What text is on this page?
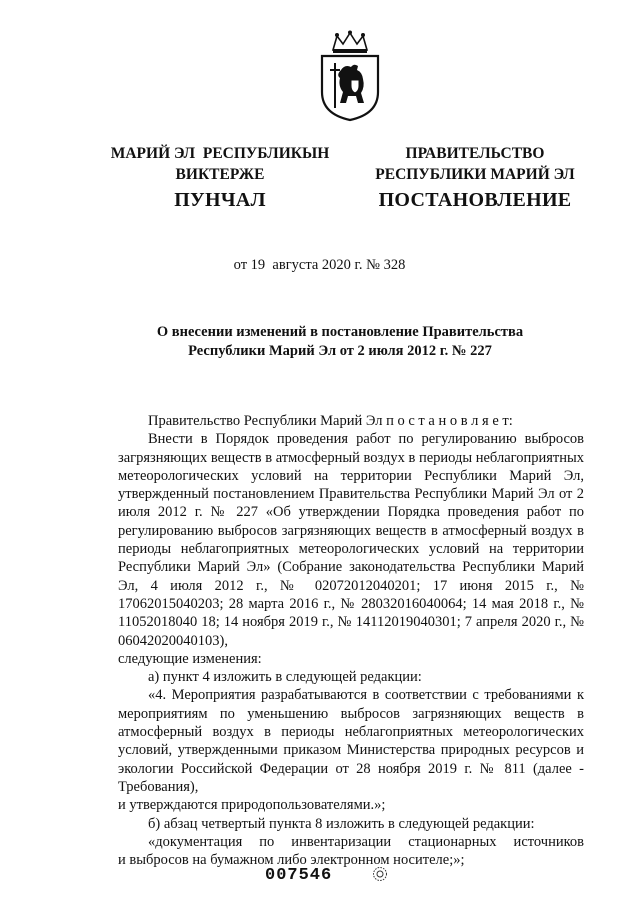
МАРИЙ ЭЛ  РЕСПУБЛИКЫН
ВИКТЕРЖЕ
ПУНЧАЛ
ПРАВИТЕЛЬСТВО
РЕСПУБЛИКИ МАРИЙ ЭЛ
ПОСТАНОВЛЕНИЕ
от 19  августа 2020 г. № 328
О внесении изменений в постановление Правительства
Республики Марий Эл от 2 июля 2012 г. № 227

Правительство Республики Марий Эл п о с т а н о в л я е т:

Внести в Порядок проведения работ по регулированию выбросов загрязняющих веществ в атмосферный воздух в периоды неблагоприятных метеорологических условий на территории Республики Марий Эл, утвержденный постановлением Правительства Республики Марий Эл от 2 июля 2012 г. № 227 «Об утверждении Порядка проведения работ по регулированию выбросов загрязняющих веществ в атмосферный воздух в периоды неблагоприятных метеорологических условий на территории Республики Марий Эл» (Собрание законодательства Республики Марий Эл, 4 июля 2012 г., № 02072012040201; 17 июня 2015 г., № 17062015040203; 28 марта 2016 г., № 28032016040064; 14 мая 2018 г., № 11052018040 18; 14 ноября 2019 г., № 14112019040301; 7 апреля 2020 г., № 06042020040103),

следующие изменения:

а) пункт 4 изложить в следующей редакции:

«4. Мероприятия разрабатываются в соответствии с требованиями к мероприятиям по уменьшению выбросов загрязняющих веществ в атмосферный воздух в периоды неблагоприятных метеорологических условий, утвержденными приказом Министерства природных ресурсов и экологии Российской Федерации от 28 ноября 2019 г. № 811 (далее - Требования),

и утверждаются природопользователями.»;

б) абзац четвертый пункта 8 изложить в следующей редакции:

«документация по инвентаризации стационарных источников

и выбросов на бумажном либо электронном носителе;»;

007546
